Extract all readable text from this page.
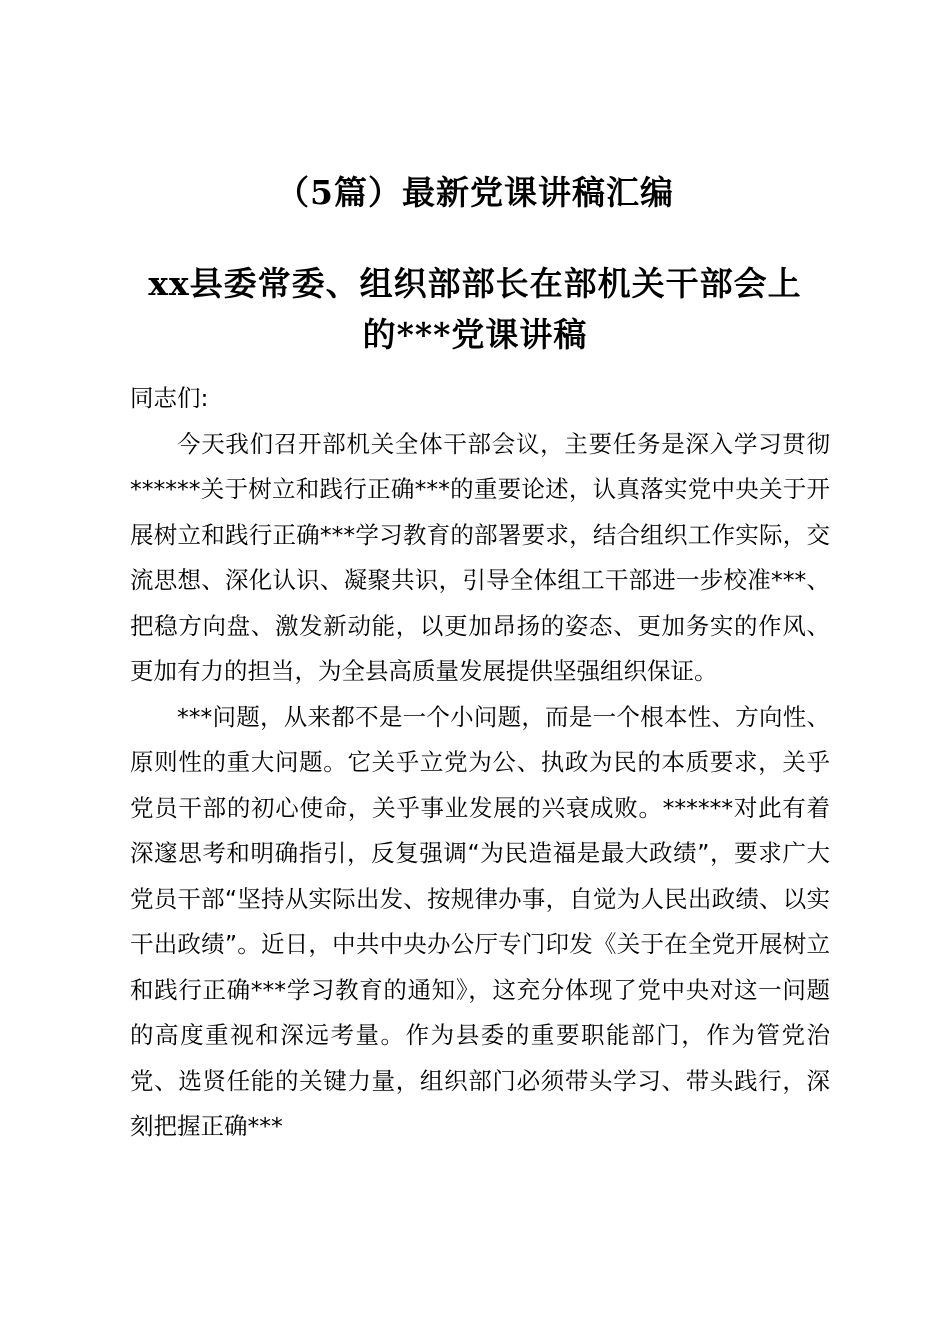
（5篇）最新党课讲稿汇编
xx县委常委、组织部部长在部机关干部会上
的***党课讲稿

同志们:

今天我们召开部机关全体干部会议，主要任务是深入学习贯彻******关于树立和践行正确***的重要论述，认真落实党中央关于开展树立和践行正确***学习教育的部署要求，结合组织工作实际，交流思想、深化认识、凝聚共识，引导全体组工干部进一步校准***、把稳方向盘、激发新动能，以更加昂扬的姿态、更加务实的作风、更加有力的担当，为全县高质量发展提供坚强组织保证。

***问题，从来都不是一个小问题，而是一个根本性、方向性、原则性的重大问题。它关乎立党为公、执政为民的本质要求，关乎党员干部的初心使命，关乎事业发展的兴衰成败。******对此有着深邃思考和明确指引，反复强调“为民造福是最大政绩”，要求广大党员干部“坚持从实际出发、按规律办事，自觉为人民出政绩、以实干出政绩”。近日，中共中央办公厅专门印发《关于在全党开展树立和践行正确***学习教育的通知》，这充分体现了党中央对这一问题的高度重视和深远考量。作为县委的重要职能部门，作为管党治党、选贤任能的关键力量，组织部门必须带头学习、带头践行，深刻把握正确***
